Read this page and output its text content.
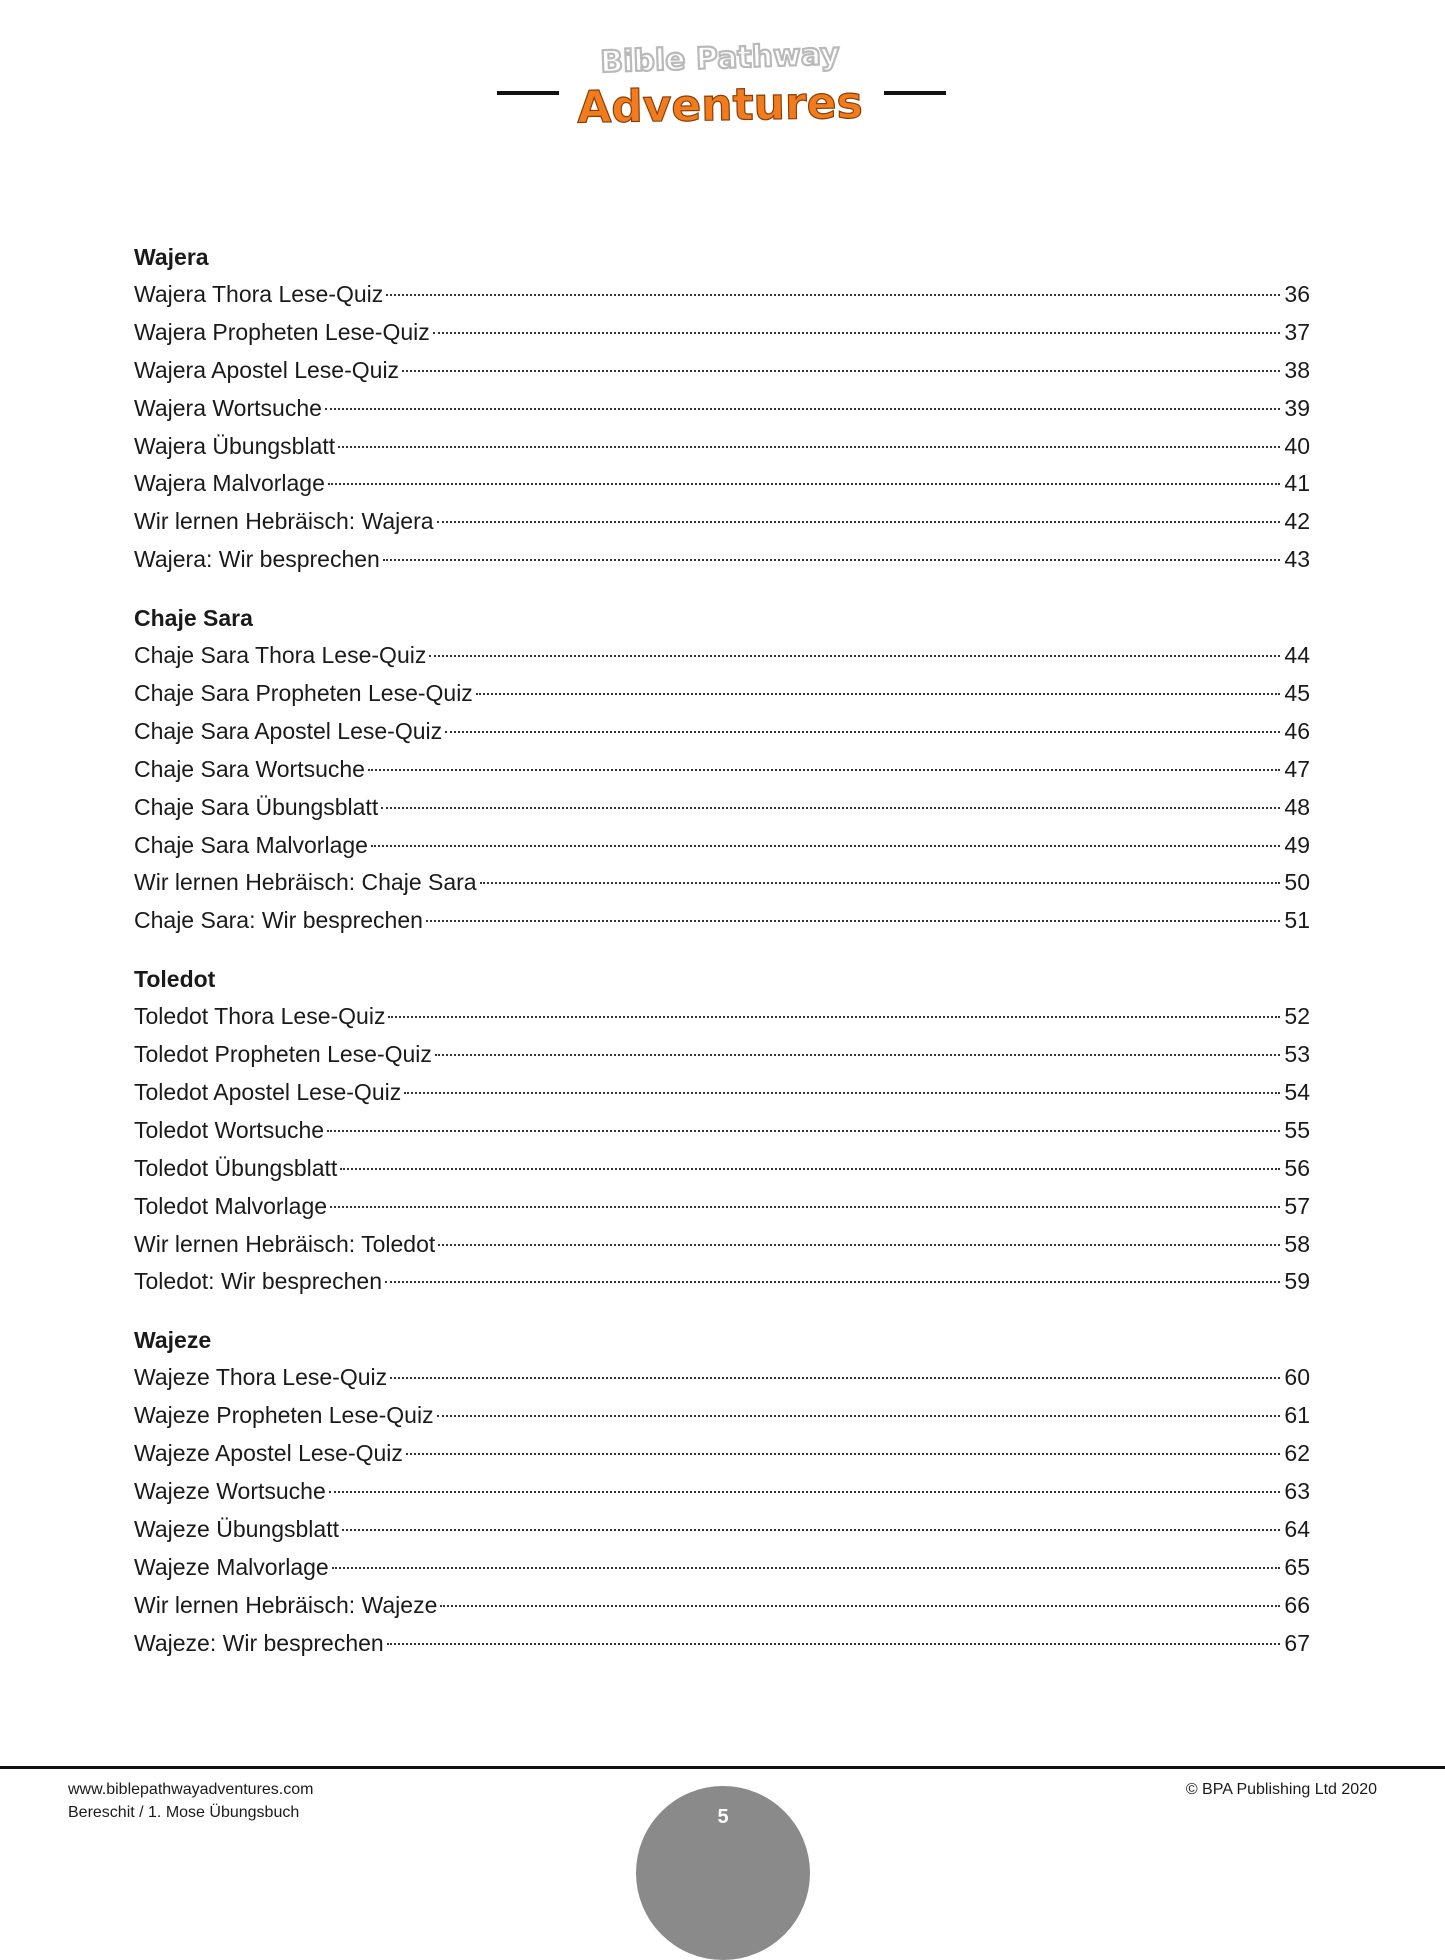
Bible Pathway
Adventures
Wajera
Wajera Thora Lese-Quiz	36
Wajera Propheten Lese-Quiz	37
Wajera Apostel Lese-Quiz	38
Wajera Wortsuche	39
Wajera Übungsblatt	40
Wajera Malvorlage	41
Wir lernen Hebräisch: Wajera	42
Wajera: Wir besprechen	43
Chaje Sara
Chaje Sara Thora Lese-Quiz	44
Chaje Sara Propheten Lese-Quiz	45
Chaje Sara Apostel Lese-Quiz	46
Chaje Sara Wortsuche	47
Chaje Sara Übungsblatt	48
Chaje Sara Malvorlage	49
Wir lernen Hebräisch: Chaje Sara	50
Chaje Sara: Wir besprechen	51
Toledot
Toledot Thora Lese-Quiz	52
Toledot Propheten Lese-Quiz	53
Toledot Apostel Lese-Quiz	54
Toledot Wortsuche	55
Toledot Übungsblatt	56
Toledot Malvorlage	57
Wir lernen Hebräisch: Toledot	58
Toledot: Wir besprechen	59
Wajeze
Wajeze Thora Lese-Quiz	60
Wajeze Propheten Lese-Quiz	61
Wajeze Apostel Lese-Quiz	62
Wajeze Wortsuche	63
Wajeze Übungsblatt	64
Wajeze Malvorlage	65
Wir lernen Hebräisch: Wajeze	66
Wajeze: Wir besprechen	67
www.biblepathwayadventures.com
Bereschit / 1. Mose Übungsbuch
© BPA Publishing Ltd 2020
5
